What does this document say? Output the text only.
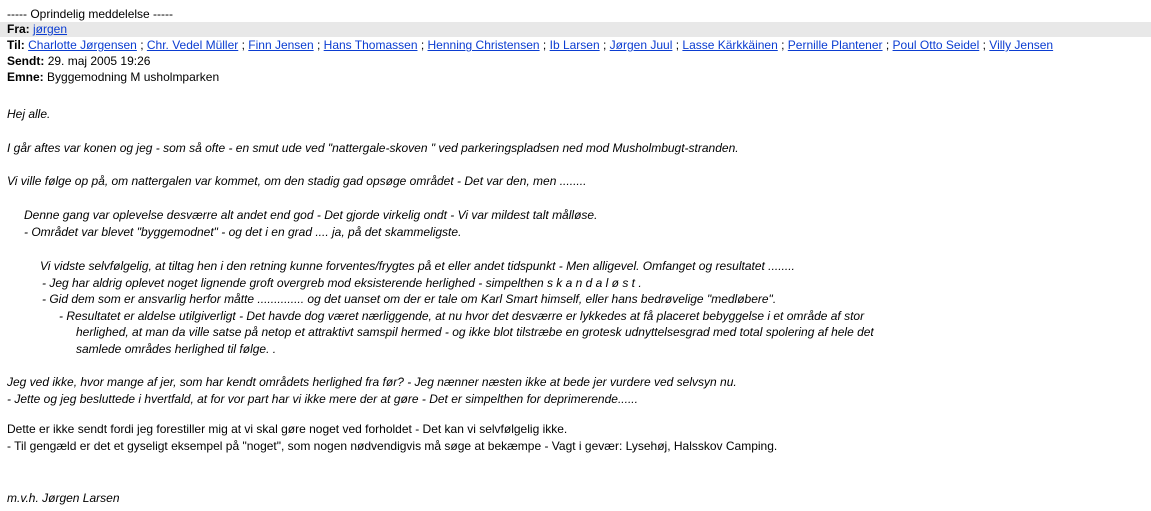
----- Oprindelig meddelelse -----
Fra: jørgen
Til: Charlotte Jørgensen ; Chr. Vedel Müller ; Finn Jensen ; Hans Thomassen ; Henning Christensen ; Ib Larsen ; Jørgen Juul ; Lasse Kärkkäinen ; Pernille Plantener ; Poul Otto Seidel ; Villy Jensen
Sendt: 29. maj 2005 19:26
Emne: Byggemodning M usholmparken
Hej alle.
I går aftes var konen og jeg - som så ofte - en smut ude ved "nattergale-skoven " ved parkeringspladsen ned mod Musholmbugt-stranden.
Vi ville følge op på, om nattergalen var kommet, om den stadig gad opsøge området - Det var den, men ........
Denne gang var oplevelse desværre alt andet end god - Det gjorde virkelig ondt - Vi var mildest talt målløse.
- Området var blevet "byggemodnet" - og det i en grad .... ja, på det skammeligste.
Vi vidste selvfølgelig, at tiltag hen i den retning kunne forventes/frygtes på et eller andet tidspunkt - Men alligevel. Omfanget og resultatet ........
- Jeg har aldrig oplevet noget lignende groft overgreb mod eksisterende herlighed - simpelthen s k a n d a l ø s t .
- Gid dem som er ansvarlig herfor måtte .............. og det uanset om der er tale om Karl Smart himself, eller hans bedrøvelige "medløbere".
- Resultatet er aldelse utilgiverligt - Det havde dog været nærliggende, at nu hvor det desværre er lykkedes at få placeret bebyggelse i et område af stor
herlighed, at man da ville satse på netop et attraktivt samspil hermed - og ikke blot tilstræbe en grotesk udnyttelsesgrad med total spolering af hele det
samlede områdes herlighed til følge. .
Jeg ved ikke, hvor mange af jer, som har kendt områdets herlighed fra før? - Jeg nænner næsten ikke at bede jer vurdere ved selvsyn nu.
- Jette og jeg besluttede i hvertfald, at for vor part har vi ikke mere der at gøre - Det er simpelthen for deprimerende......
Dette er ikke sendt fordi jeg forestiller mig at vi skal gøre noget ved forholdet - Det kan vi selvfølgelig ikke.
- Til gengæld er det et gyseligt eksempel på "noget", som nogen nødvendigvis må søge at bekæmpe - Vagt i gevær: Lysehøj, Halsskov Camping.
m.v.h. Jørgen Larsen
